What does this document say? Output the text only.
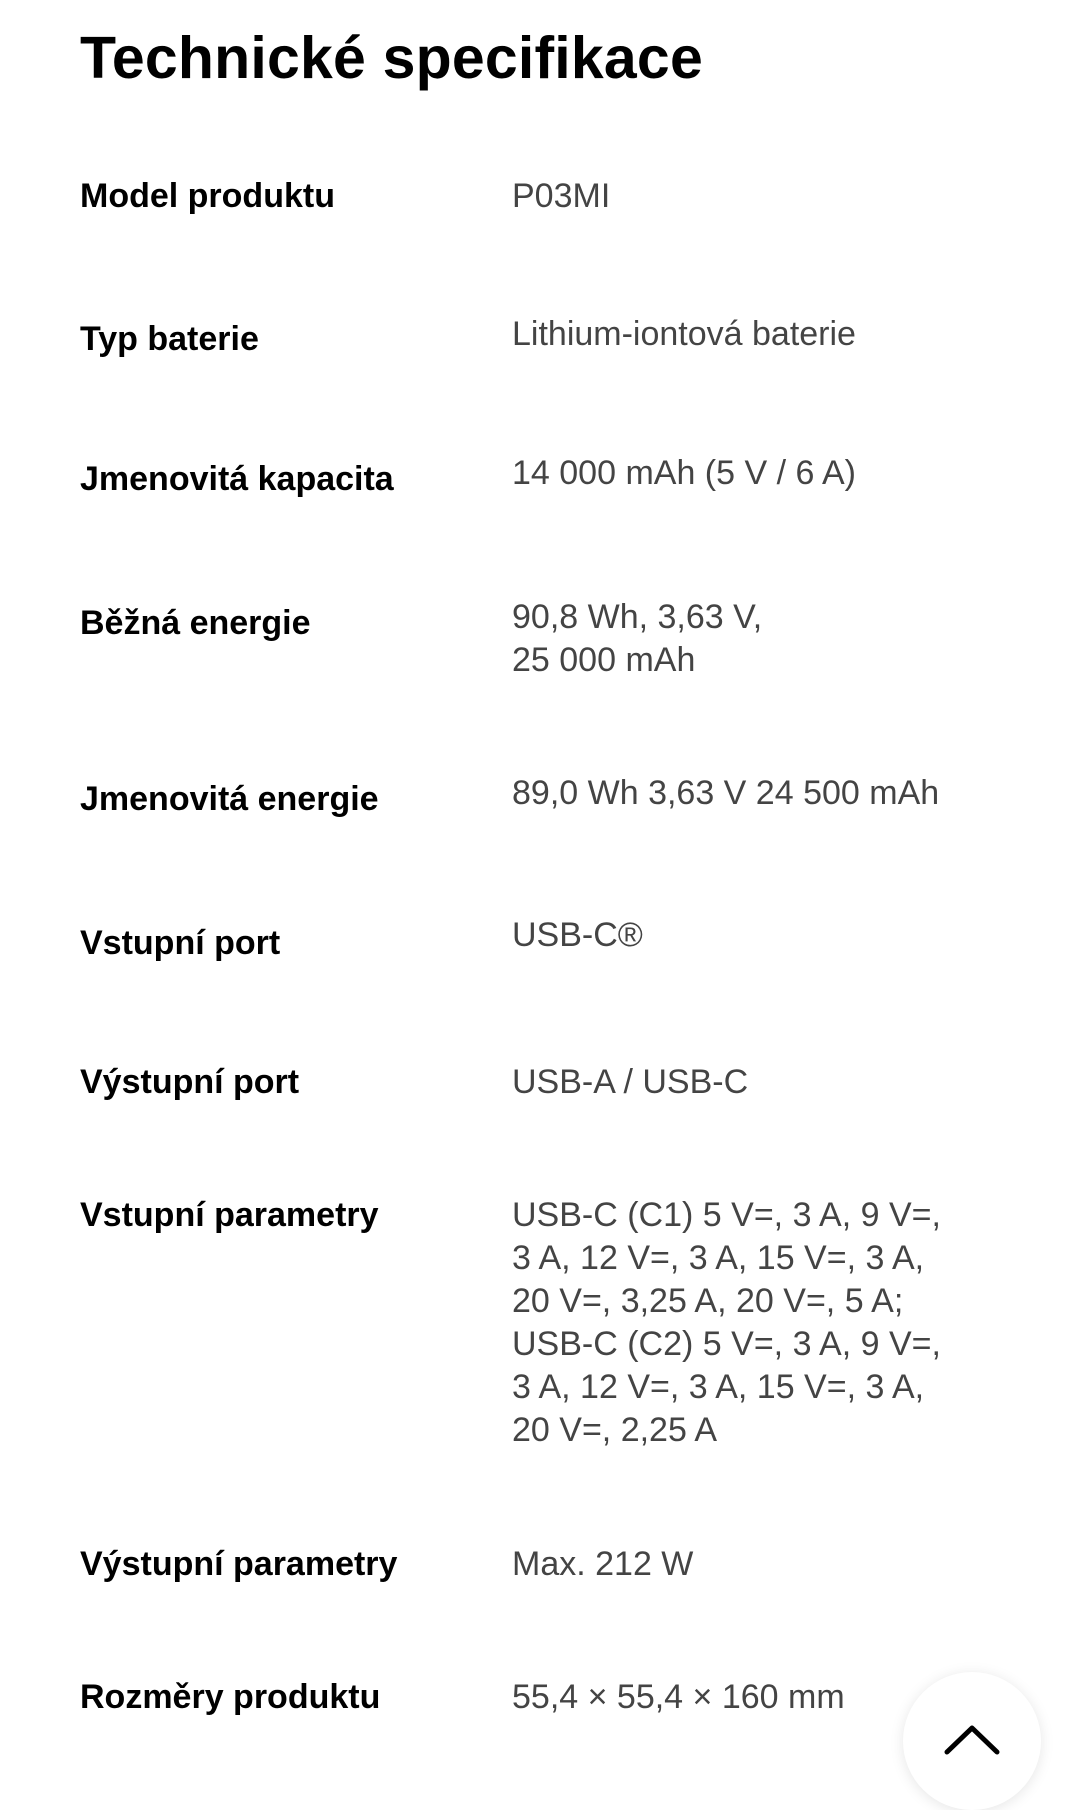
Technické specifikace
Model produktu	P03MI
Typ baterie	Lithium-iontová baterie
Jmenovitá kapacita	14 000 mAh (5 V / 6 A)
Běžná energie	90,8 Wh, 3,63 V,
25 000 mAh
Jmenovitá energie	89,0 Wh 3,63 V 24 500 mAh
Vstupní port	USB-C®
Výstupní port	USB-A / USB-C
Vstupní parametry	USB-C (C1) 5 V=, 3 A, 9 V=,
3 A, 12 V=, 3 A, 15 V=, 3 A,
20 V=, 3,25 A, 20 V=, 5 A;
USB-C (C2) 5 V=, 3 A, 9 V=,
3 A, 12 V=, 3 A, 15 V=, 3 A,
20 V=, 2,25 A
Výstupní parametry	Max. 212 W
Rozměry produktu	55,4 × 55,4 × 160 mm
